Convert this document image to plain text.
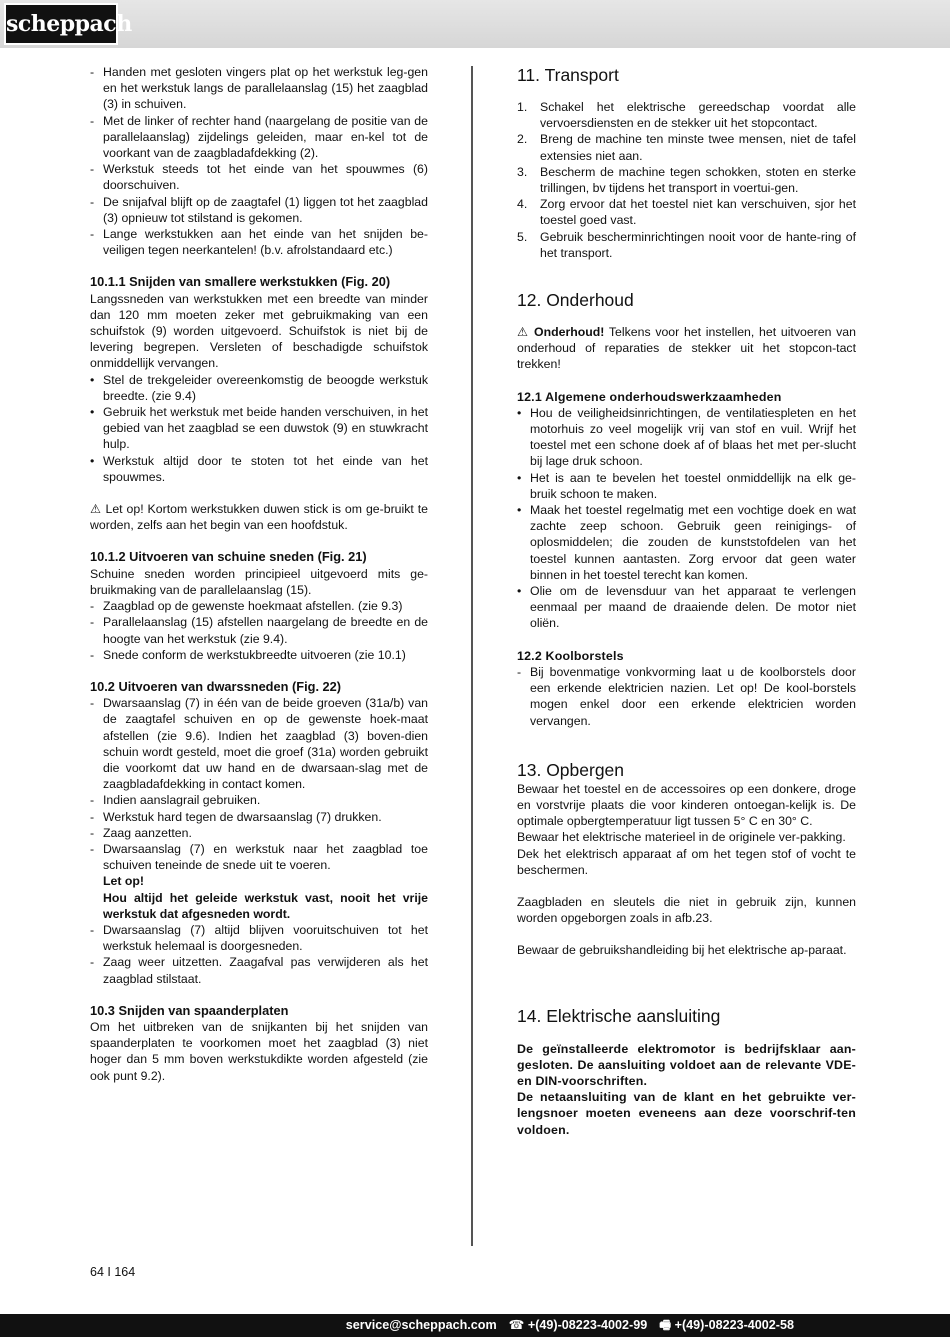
scheppach
- Handen met gesloten vingers plat op het werkstuk leg-gen en het werkstuk langs de parallelaanslag (15) het zaagblad (3) in schuiven.
- Met de linker of rechter hand (naargelang de positie van de parallelaanslag) zijdelings geleiden, maar en-kel tot de voorkant van de zaagbladafdekking (2).
- Werkstuk steeds tot het einde van het spouwmes (6) doorschuiven.
- De snijafval blijft op de zaagtafel (1) liggen tot het zaagblad (3) opnieuw tot stilstand is gekomen.
- Lange werkstukken aan het einde van het snijden be-veiligen tegen neerkantelen! (b.v. afrolstandaard etc.)

10.1.1 Snijden van smallere werkstukken (Fig. 20)

Langssneden van werkstukken met een breedte van minder dan 120 mm moeten zeker met gebruikmaking van een schuifstok (9) worden uitgevoerd. Schuifstok is niet bij de levering begrepen. Versleten of beschadigde schuifstok onmiddellijk vervangen.

• Stel de trekgeleider overeenkomstig de beoogde werkstuk breedte. (zie 9.4)
• Gebruik het werkstuk met beide handen verschuiven, in het gebied van het zaagblad se een duwstok (9) en stuwkracht hulp.
• Werkstuk altijd door te stoten tot het einde van het spouwmes.

⚠ Let op! Kortom werkstukken duwen stick is om ge-bruikt te worden, zelfs aan het begin van een hoofdstuk.

10.1.2 Uitvoeren van schuine sneden (Fig. 21)

Schuine sneden worden principieel uitgevoerd mits ge-bruikmaking van de parallelaanslag (15).

- Zaagblad op de gewenste hoekmaat afstellen. (zie 9.3)
- Parallelaanslag (15) afstellen naargelang de breedte en de hoogte van het werkstuk (zie 9.4).
- Snede conform de werkstukbreedte uitvoeren (zie 10.1)

10.2 Uitvoeren van dwarssneden (Fig. 22)

- Dwarsaanslag (7) in één van de beide groeven (31a/b) van de zaagtafel schuiven en op de gewenste hoek-maat afstellen (zie 9.6). Indien het zaagblad (3) boven-dien schuin wordt gesteld, moet die groef (31a) worden gebruikt die voorkomt dat uw hand en de dwarsaan-slag met de zaagbladafdekking in contact komen.
- Indien aanslagrail gebruiken.
- Werkstuk hard tegen de dwarsaanslag (7) drukken.
- Zaag aanzetten.
- Dwarsaanslag (7) en werkstuk naar het zaagblad toe schuiven teneinde de snede uit te voeren.
Let op!
Hou altijd het geleide werkstuk vast, nooit het vrije werkstuk dat afgesneden wordt.
- Dwarsaanslag (7) altijd blijven vooruitschuiven tot het werkstuk helemaal is doorgesneden.
- Zaag weer uitzetten. Zaagafval pas verwijderen als het zaagblad stilstaat.

10.3 Snijden van spaanderplaten

Om het uitbreken van de snijkanten bij het snijden van spaanderplaten te voorkomen moet het zaagblad (3) niet hoger dan 5 mm boven werkstukdikte worden afgesteld (zie ook punt 9.2).

11. Transport

1. Schakel het elektrische gereedschap voordat alle vervoersdiensten en de stekker uit het stopcontact.
2. Breng de machine ten minste twee mensen, niet de tafel extensies niet aan.
3. Bescherm de machine tegen schokken, stoten en sterke trillingen, bv tijdens het transport in voertui-gen.
4. Zorg ervoor dat het toestel niet kan verschuiven, sjor het toestel goed vast.
5. Gebruik bescherminrichtingen nooit voor de hante-ring of het transport.

12. Onderhoud

⚠ Onderhoud! Telkens voor het instellen, het uitvoeren van onderhoud of reparaties de stekker uit het stopcon-tact trekken!

12.1 Algemene onderhoudswerkzaamheden

• Hou de veiligheidsinrichtingen, de ventilatiespleten en het motorhuis zo veel mogelijk vrij van stof en vuil. Wrijf het toestel met een schone doek af of blaas het met per-slucht bij lage druk schoon.
• Het is aan te bevelen het toestel onmiddellijk na elk ge-bruik schoon te maken.
• Maak het toestel regelmatig met een vochtige doek en wat zachte zeep schoon. Gebruik geen reinigings- of oplosmiddelen; die zouden de kunststofdelen van het toestel kunnen aantasten. Zorg ervoor dat geen water binnen in het toestel terecht kan komen.
• Olie om de levensduur van het apparaat te verlengen eenmaal per maand de draaiende delen. De motor niet oliën.

12.2 Koolborstels

- Bij bovenmatige vonkvorming laat u de koolborstels door een erkende elektricien nazien. Let op! De kool-borstels mogen enkel door een erkende elektricien worden vervangen.

13. Opbergen

Bewaar het toestel en de accessoires op een donkere, droge en vorstvrije plaats die voor kinderen ontoegan-kelijk is. De optimale opbergtemperatuur ligt tussen 5° C en 30° C.

Bewaar het elektrische materieel in de originele ver-pakking.

Dek het elektrisch apparaat af om het tegen stof of vocht te beschermen.

Zaagbladen en sleutels die niet in gebruik zijn, kunnen worden opgeborgen zoals in afb.23.

Bewaar de gebruikshandleiding bij het elektrische ap-paraat.

14. Elektrische aansluiting

De geïnstalleerde elektromotor is bedrijfsklaar aan-gesloten. De aansluiting voldoet aan de relevante VDE- en DIN-voorschriften.

De netaansluiting van de klant en het gebruikte ver-lengsnoer moeten eveneens aan deze voorschrif-ten voldoen.

64 I 164
service@scheppach.com ☎ +(49)-08223-4002-99 🖷 +(49)-08223-4002-58
